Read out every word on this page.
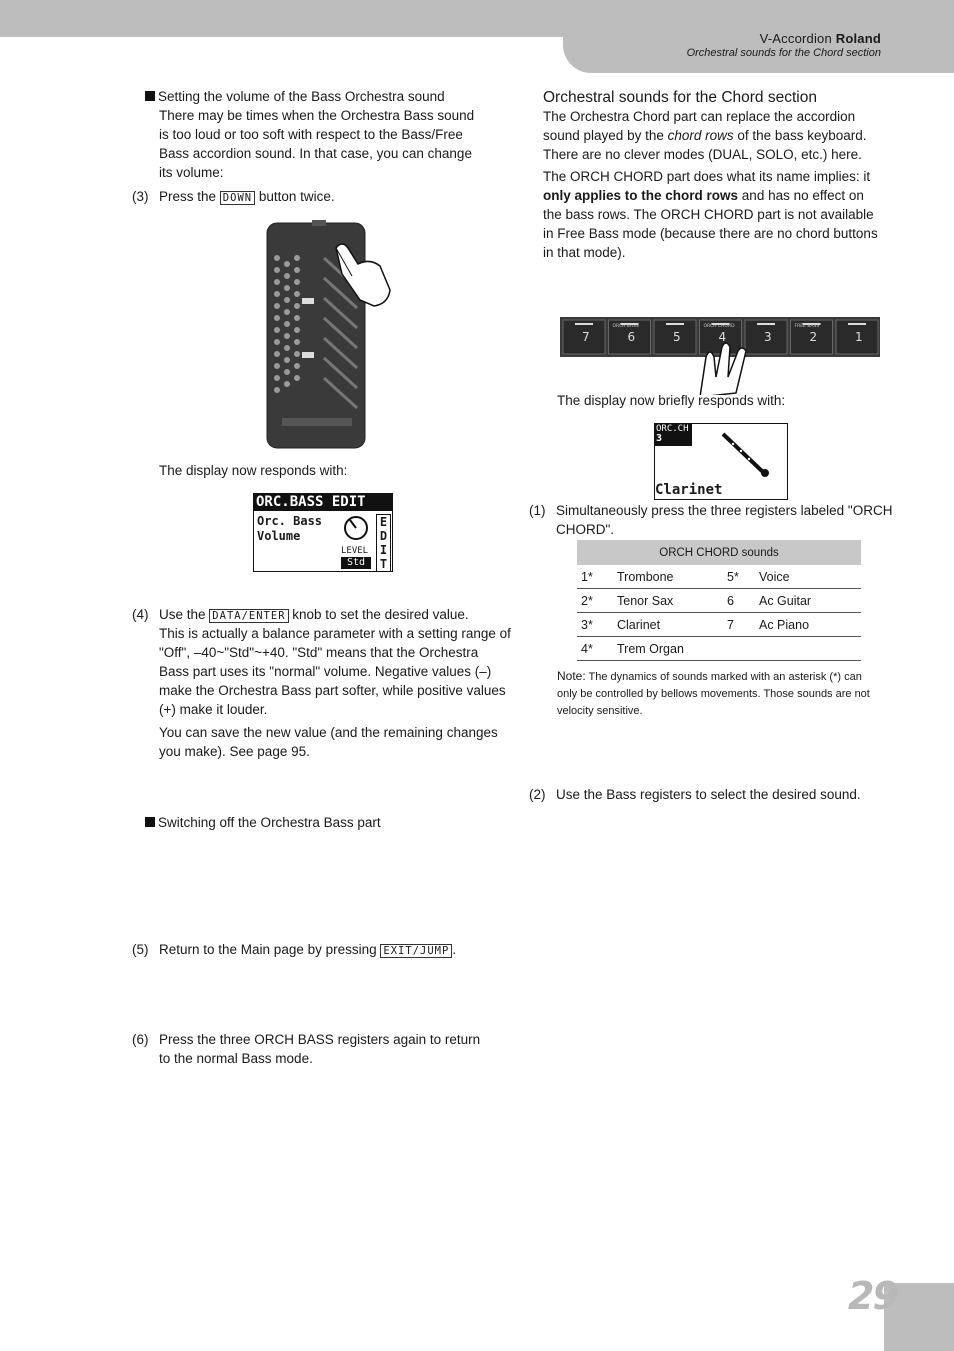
V-Accordion Roland
Orchestral sounds for the Chord section

Setting the volume of the Bass Orchestra sound

There may be times when the Orchestra Bass sound is too loud or too soft with respect to the Bass/Free Bass accordion sound. In that case, you can change its volume:

(3) Press the DOWN button twice.
The display now responds with:
ORC.BASS EDIT
Orc. Bass
Volume
LEVEL
Std
E
D
I
T
(4) Use the DATA/ENTER knob to set the desired value.

This is actually a balance parameter with a setting range of "Off", –40~"Std"~+40. "Std" means that the Orchestra Bass part uses its "normal" volume. Negative values (–) make the Orchestra Bass part softer, while positive values (+) make it louder.

You can save the new value (and the remaining changes you make). See page 95.

(5) Return to the Main page by pressing EXIT/JUMP .

Switching off the Orchestra Bass part

(6) Press the three ORCH BASS registers again to return to the normal Bass mode.

Orchestral sounds for the Chord section

The Orchestra Chord part can replace the accordion sound played by the chord rows of the bass keyboard. There are no clever modes (DUAL, SOLO, etc.) here.

The ORCH CHORD part does what its name implies: it only applies to the chord rows and has no effect on the bass rows. The ORCH CHORD part is not available in Free Bass mode (because there are no chord buttons in that mode).

(1) Simultaneously press the three registers labeled "ORCH CHORD".
7	6
ORCH BASS
5	4
ORCH CHORD
3	2
FREE BASS
1
The display now briefly responds with:
ORC.CH
3
Clarinet
(2) Use the Bass registers to select the desired sound.
ORCH CHORD sounds			
1*	Trombone	5*	Voice
2*	Tenor Sax	6	Ac Guitar
3*	Clarinet	7	Ac Piano
4*	Trem Organ		
Note: The dynamics of sounds marked with an asterisk (*) can only be controlled by bellows movements. Those sounds are not velocity sensitive.
29
